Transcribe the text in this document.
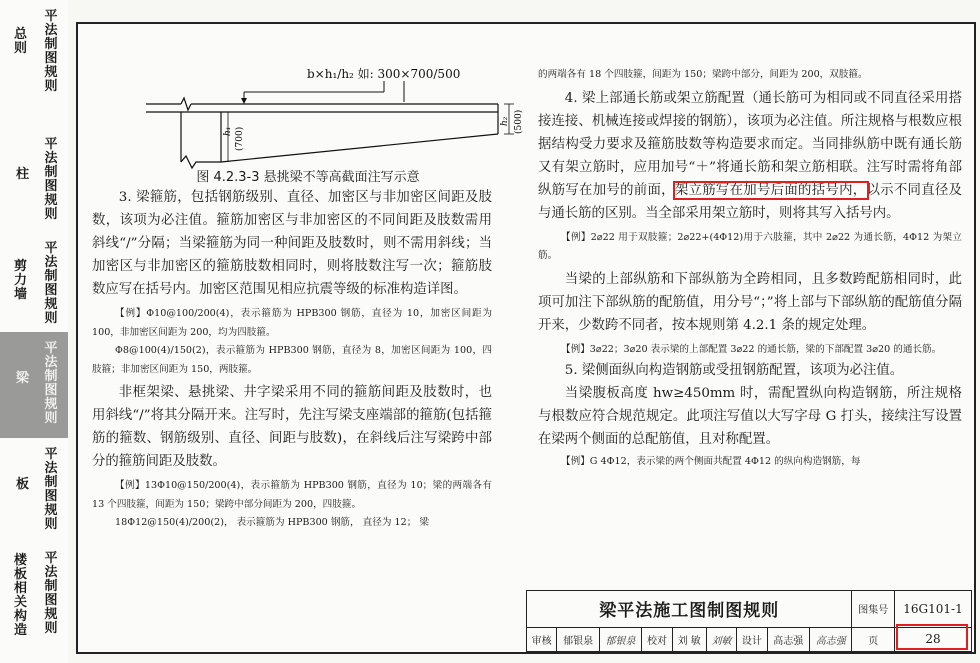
平
法
制
图
规
则
总
则
平
法
制
图
规
则
柱
平
法
制
图
规
则
剪
力
墙
平
法
制
图
规
则
梁
平
法
制
图
规
则
板
平
法
制
图
规
则
楼
板
相
关
构
造
b×h₁/h₂ 如: 300×700/500
h₁ (700)
h₂ (500)
图 4.2.3-3 悬挑梁不等高截面注写示意

3. 梁箍筋，包括钢筋级别、直径、加密区与非加密区间距及肢数，该项为必注值。箍筋加密区与非加密区的不同间距及肢数需用斜线“/”分隔；当梁箍筋为同一种间距及肢数时，则不需用斜线；当加密区与非加密区的箍筋肢数相同时，则将肢数注写一次；箍筋肢数应写在括号内。加密区范围见相应抗震等级的标准构造详图。

【例】Φ10@100/200(4)，表示箍筋为 HPB300 钢筋，直径为 10，加密区间距为 100，非加密区间距为 200，均为四肢箍。

Φ8@100(4)/150(2)，表示箍筋为 HPB300 钢筋，直径为 8，加密区间距为 100，四肢箍；非加密区间距为 150，两肢箍。

非框架梁、悬挑梁、井字梁采用不同的箍筋间距及肢数时，也用斜线“/”将其分隔开来。注写时，先注写梁支座端部的箍筋(包括箍筋的箍数、钢筋级别、直径、间距与肢数)，在斜线后注写梁跨中部分的箍筋间距及肢数。

【例】13Φ10@150/200(4)，表示箍筋为 HPB300 钢筋，直径为 10；梁的两端各有 13 个四肢箍，间距为 150；梁跨中部分间距为 200，四肢箍。

18Φ12@150(4)/200(2)， 表示箍筋为 HPB300 钢筋， 直径为 12； 梁

的两端各有 18 个四肢箍，间距为 150；梁跨中部分，间距为 200，双肢箍。

4. 梁上部通长筋或架立筋配置（通长筋可为相同或不同直径采用搭接连接、机械连接或焊接的钢筋），该项为必注值。所注规格与根数应根据结构受力要求及箍筋肢数等构造要求而定。当同排纵筋中既有通长筋又有架立筋时，应用加号“＋”将通长筋和架立筋相联。注写时需将角部纵筋写在加号的前面，架立筋写在加号后面的括号内，以示不同直径及与通长筋的区别。当全部采用架立筋时，则将其写入括号内。

【例】2⌀22 用于双肢箍；2⌀22+(4Φ12)用于六肢箍，其中 2⌀22 为通长筋，4Φ12 为架立筋。

当梁的上部纵筋和下部纵筋为全跨相同，且多数跨配筋相同时，此项可加注下部纵筋的配筋值，用分号“；”将上部与下部纵筋的配筋值分隔开来，少数跨不同者，按本规则第 4.2.1 条的规定处理。

【例】3⌀22；3⌀20 表示梁的上部配置 3⌀22 的通长筋，梁的下部配置 3⌀20 的通长筋。

5. 梁侧面纵向构造钢筋或受扭钢筋配置，该项为必注值。

当梁腹板高度 hw≥450mm 时，需配置纵向构造钢筋，所注规格与根数应符合规范规定。此项注写值以大写字母 G 打头，接续注写设置在梁两个侧面的总配筋值，且对称配置。

【例】G 4Φ12，表示梁的两个侧面共配置 4Φ12 的纵向构造钢筋，每

梁平法施工图制图规则									图集号	16G101-1
审核	郁银泉	郁银泉	校对	刘 敏	刘敏	设计	高志强	高志强	页	28
